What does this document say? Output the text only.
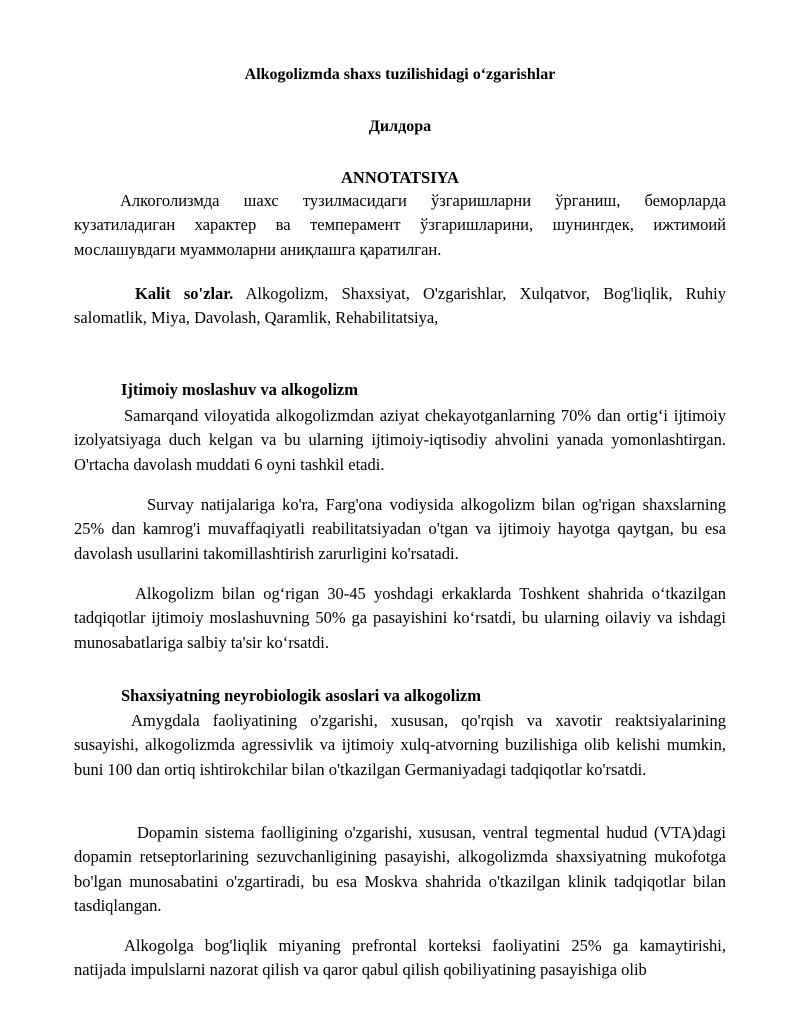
Alkogolizmda shaxs tuzilishidagi o‘zgarishlar
Дилдора
ANNOTATSIYA
Алкоголизмда шахс тузилмасидаги ўзгаришларни ўрганиш, беморларда кузатиладиган характер ва темперамент ўзгаришларини, шунингдек, ижтимоий мослашувдаги муаммоларни аниқлашга қаратилган.
Kalit so'zlar. Alkogolizm, Shaxsiyat, O'zgarishlar, Xulqatvor, Bog'liqlik, Ruhiy salomatlik, Miya, Davolash, Qaramlik, Rehabilitatsiya,
Ijtimoiy moslashuv va alkogolizm
Samarqand viloyatida alkogolizmdan aziyat chekayotganlarning 70% dan ortig‘i ijtimoiy izolyatsiyaga duch kelgan va bu ularning ijtimoiy-iqtisodiy ahvolini yanada yomonlashtirgan. O'rtacha davolash muddati 6 oyni tashkil etadi.
Survay natijalariga ko'ra, Farg'ona vodiysida alkogolizm bilan og'rigan shaxslarning 25% dan kamrog'i muvaffaqiyatli reabilitatsiyadan o'tgan va ijtimoiy hayotga qaytgan, bu esa davolash usullarini takomillashtirish zarurligini ko'rsatadi.
Alkogolizm bilan og‘rigan 30-45 yoshdagi erkaklarda Toshkent shahrida o‘tkazilgan tadqiqotlar ijtimoiy moslashuvning 50% ga pasayishini ko‘rsatdi, bu ularning oilaviy va ishdagi munosabatlariga salbiy ta'sir ko‘rsatdi.
Shaxsiyatning neyrobiologik asoslari va alkogolizm
Amygdala faoliyatining o'zgarishi, xususan, qo'rqish va xavotir reaktsiyalarining susayishi, alkogolizmda agressivlik va ijtimoiy xulq-atvorning buzilishiga olib kelishi mumkin, buni 100 dan ortiq ishtirokchilar bilan o'tkazilgan Germaniyadagi tadqiqotlar ko'rsatdi.
Dopamin sistema faolligining o'zgarishi, xususan, ventral tegmental hudud (VTA)dagi dopamin retseptorlarining sezuvchanligining pasayishi, alkogolizmda shaxsiyatning mukofotga bo'lgan munosabatini o'zgartiradi, bu esa Moskva shahrida o'tkazilgan klinik tadqiqotlar bilan tasdiqlangan.
Alkogolga bog'liqlik miyaning prefrontal korteksi faoliyatini 25% ga kamaytirishi, natijada impulslarni nazorat qilish va qaror qabul qilish qobiliyatining pasayishiga olib
